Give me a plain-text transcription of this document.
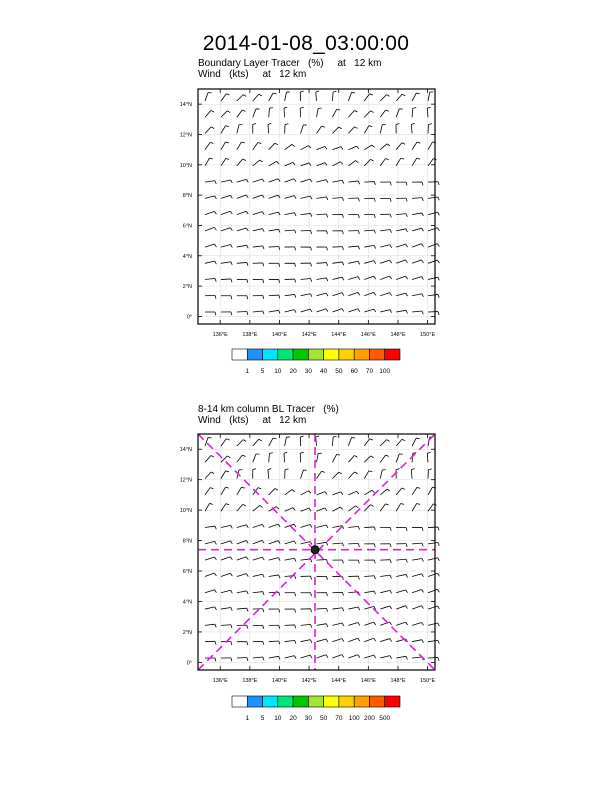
2014-01-08_03:00:00
Boundary Layer Tracer   (%)     at   12 km
Wind   (kts)     at   12 km
8-14 km column BL Tracer   (%)
Wind   (kts)     at   12 km
136°E	138°E	140°E	142°E	144°E	146°E	148°E	150°E
0°
2°N
4°N
6°N
8°N
10°N
12°N
14°N
1 5 10 20 30 40 50 60 70 100
136°E	138°E	140°E	142°E	144°E	146°E	148°E	150°E
0°
2°N
4°N
6°N
8°N
10°N
12°N
14°N
1 5 10 20 30 50 70 100 200 500
